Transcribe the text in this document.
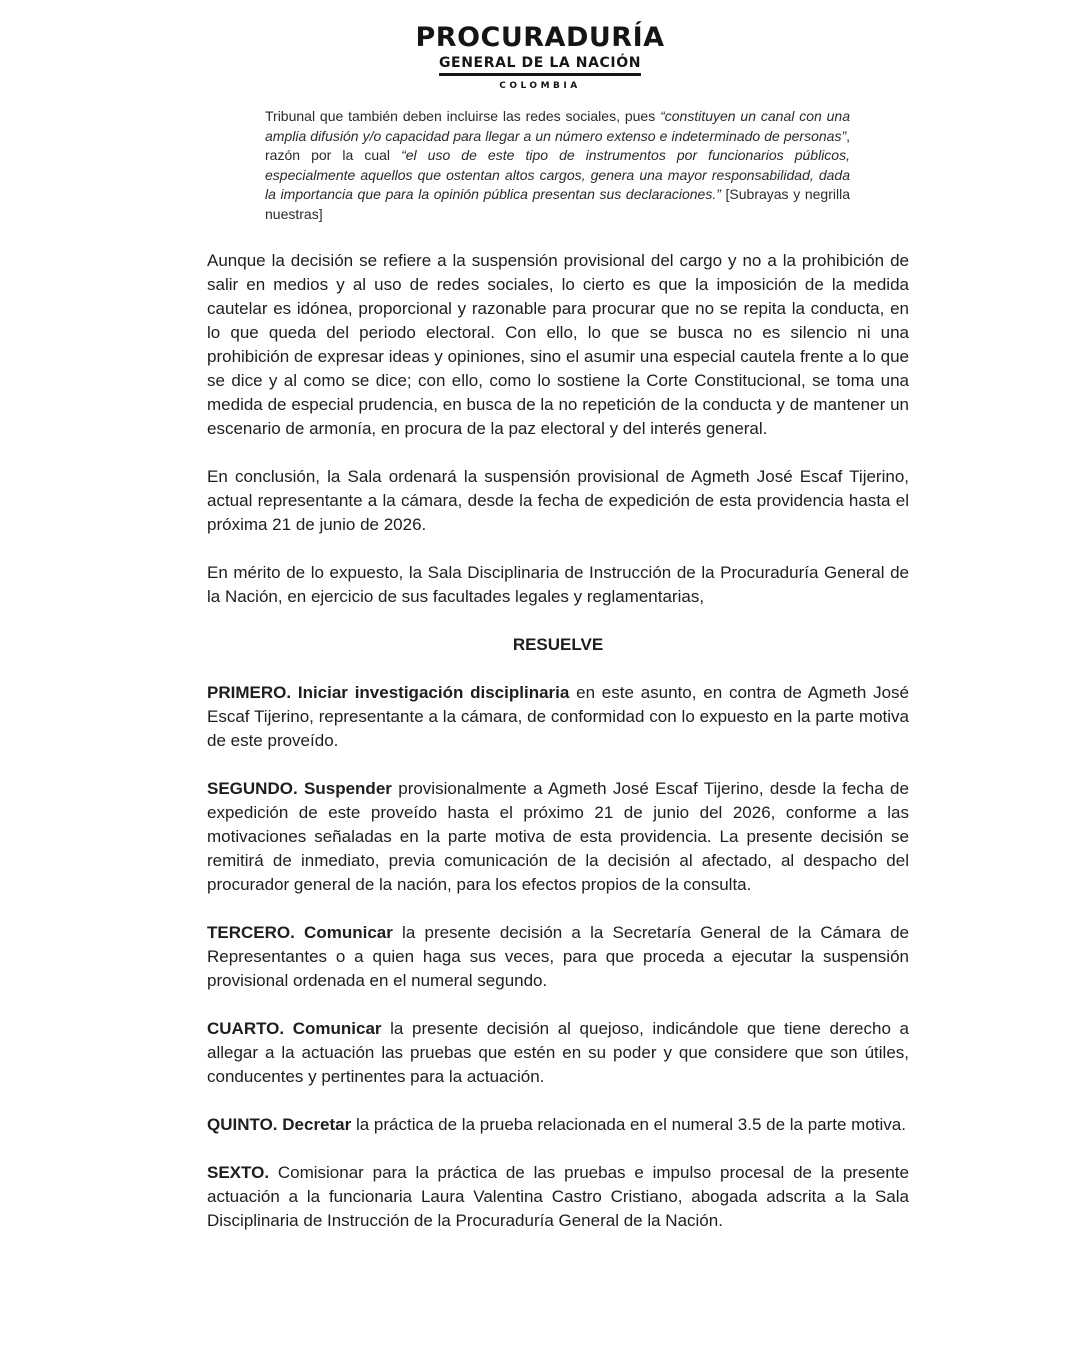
PROCURADURÍA
GENERAL DE LA NACIÓN
COLOMBIA
Tribunal que también deben incluirse las redes sociales, pues “constituyen un canal con una amplia difusión y/o capacidad para llegar a un número extenso e indeterminado de personas”, razón por la cual “el uso de este tipo de instrumentos por funcionarios públicos, especialmente aquellos que ostentan altos cargos, genera una mayor responsabilidad, dada la importancia que para la opinión pública presentan sus declaraciones.” [Subrayas y negrilla nuestras]

Aunque la decisión se refiere a la suspensión provisional del cargo y no a la prohibición de salir en medios y al uso de redes sociales, lo cierto es que la imposición de la medida cautelar es idónea, proporcional y razonable para procurar que no se repita la conducta, en lo que queda del periodo electoral. Con ello, lo que se busca no es silencio ni una prohibición de expresar ideas y opiniones, sino el asumir una especial cautela frente a lo que se dice y al como se dice; con ello, como lo sostiene la Corte Constitucional, se toma una medida de especial prudencia, en busca de la no repetición de la conducta y de mantener un escenario de armonía, en procura de la paz electoral y del interés general.

En conclusión, la Sala ordenará la suspensión provisional de Agmeth José Escaf Tijerino, actual representante a la cámara, desde la fecha de expedición de esta providencia hasta el próxima 21 de junio de 2026.

En mérito de lo expuesto, la Sala Disciplinaria de Instrucción de la Procuraduría General de la Nación, en ejercicio de sus facultades legales y reglamentarias,

RESUELVE

PRIMERO. Iniciar investigación disciplinaria en este asunto, en contra de Agmeth José Escaf Tijerino, representante a la cámara, de conformidad con lo expuesto en la parte motiva de este proveído.

SEGUNDO. Suspender provisionalmente a Agmeth José Escaf Tijerino, desde la fecha de expedición de este proveído hasta el próximo 21 de junio del 2026, conforme a las motivaciones señaladas en la parte motiva de esta providencia. La presente decisión se remitirá de inmediato, previa comunicación de la decisión al afectado, al despacho del procurador general de la nación, para los efectos propios de la consulta.

TERCERO. Comunicar la presente decisión a la Secretaría General de la Cámara de Representantes o a quien haga sus veces, para que proceda a ejecutar la suspensión provisional ordenada en el numeral segundo.

CUARTO. Comunicar la presente decisión al quejoso, indicándole que tiene derecho a allegar a la actuación las pruebas que estén en su poder y que considere que son útiles, conducentes y pertinentes para la actuación.

QUINTO. Decretar la práctica de la prueba relacionada en el numeral 3.5 de la parte motiva.

SEXTO. Comisionar para la práctica de las pruebas e impulso procesal de la presente actuación a la funcionaria Laura Valentina Castro Cristiano, abogada adscrita a la Sala Disciplinaria de Instrucción de la Procuraduría General de la Nación.
